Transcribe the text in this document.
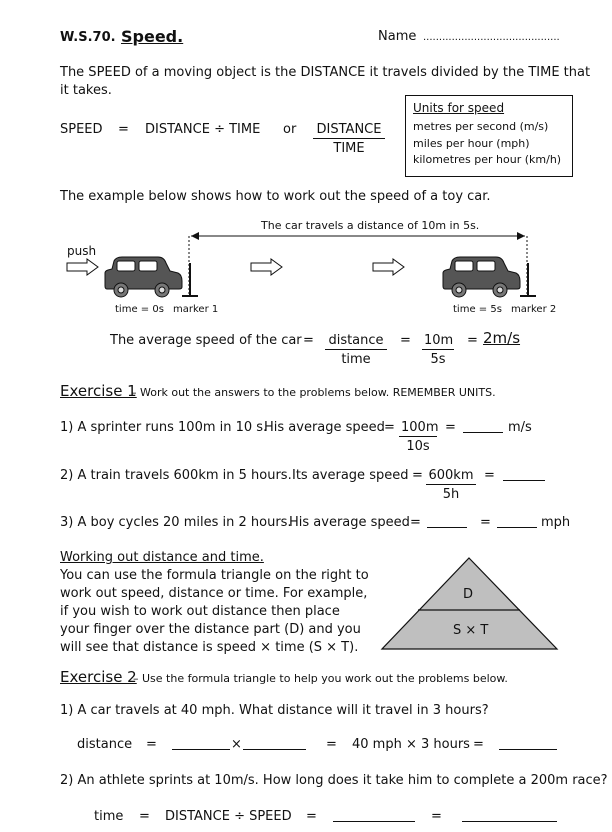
W.S.70. Speed.	Name ...........................................
The SPEED of a moving object is the DISTANCE it travels divided by the TIME that
it takes.
SPEED = DISTANCE ÷ TIME or DISTANCE
TIME
Units for speed
metres per second (m/s)
miles per hour (mph)
kilometres per hour (km/h)
The example below shows how to work out the speed of a toy car.
The car travels a distance of 10m in 5s.
push
time = 0s marker 1	time = 5s marker 2
The average speed of the car = distance
time
= $\frac{10m}{5s} = 2m/s$
Exercise 1
– Work out the answers to the problems below. REMEMBER UNITS.
1) A sprinter runs 100m in 10 s.
His average speed = $\frac{100m}{10s}$ =	m/s
2) A train travels 600km in 5 hours. Its average speed = $\frac{600km}{5h}$ =
3) A boy cycles 20 miles in 2 hours.
His average speed =	=	mph
Working out distance and time.
You can use the formula triangle on the right to
work out speed, distance or time. For example,
if you wish to work out distance then place
your finger over the distance part (D) and you
will see that distance is speed × time (S × T).
D
S × T
Exercise 2
– Use the formula triangle to help you work out the problems below.
1) A car travels at 40 mph. What distance will it travel in 3 hours?
distance =	×	= 40 mph × 3 hours =
2) An athlete sprints at 10m/s. How long does it take him to complete a 200m race?
time = DISTANCE ÷ SPEED =	=
